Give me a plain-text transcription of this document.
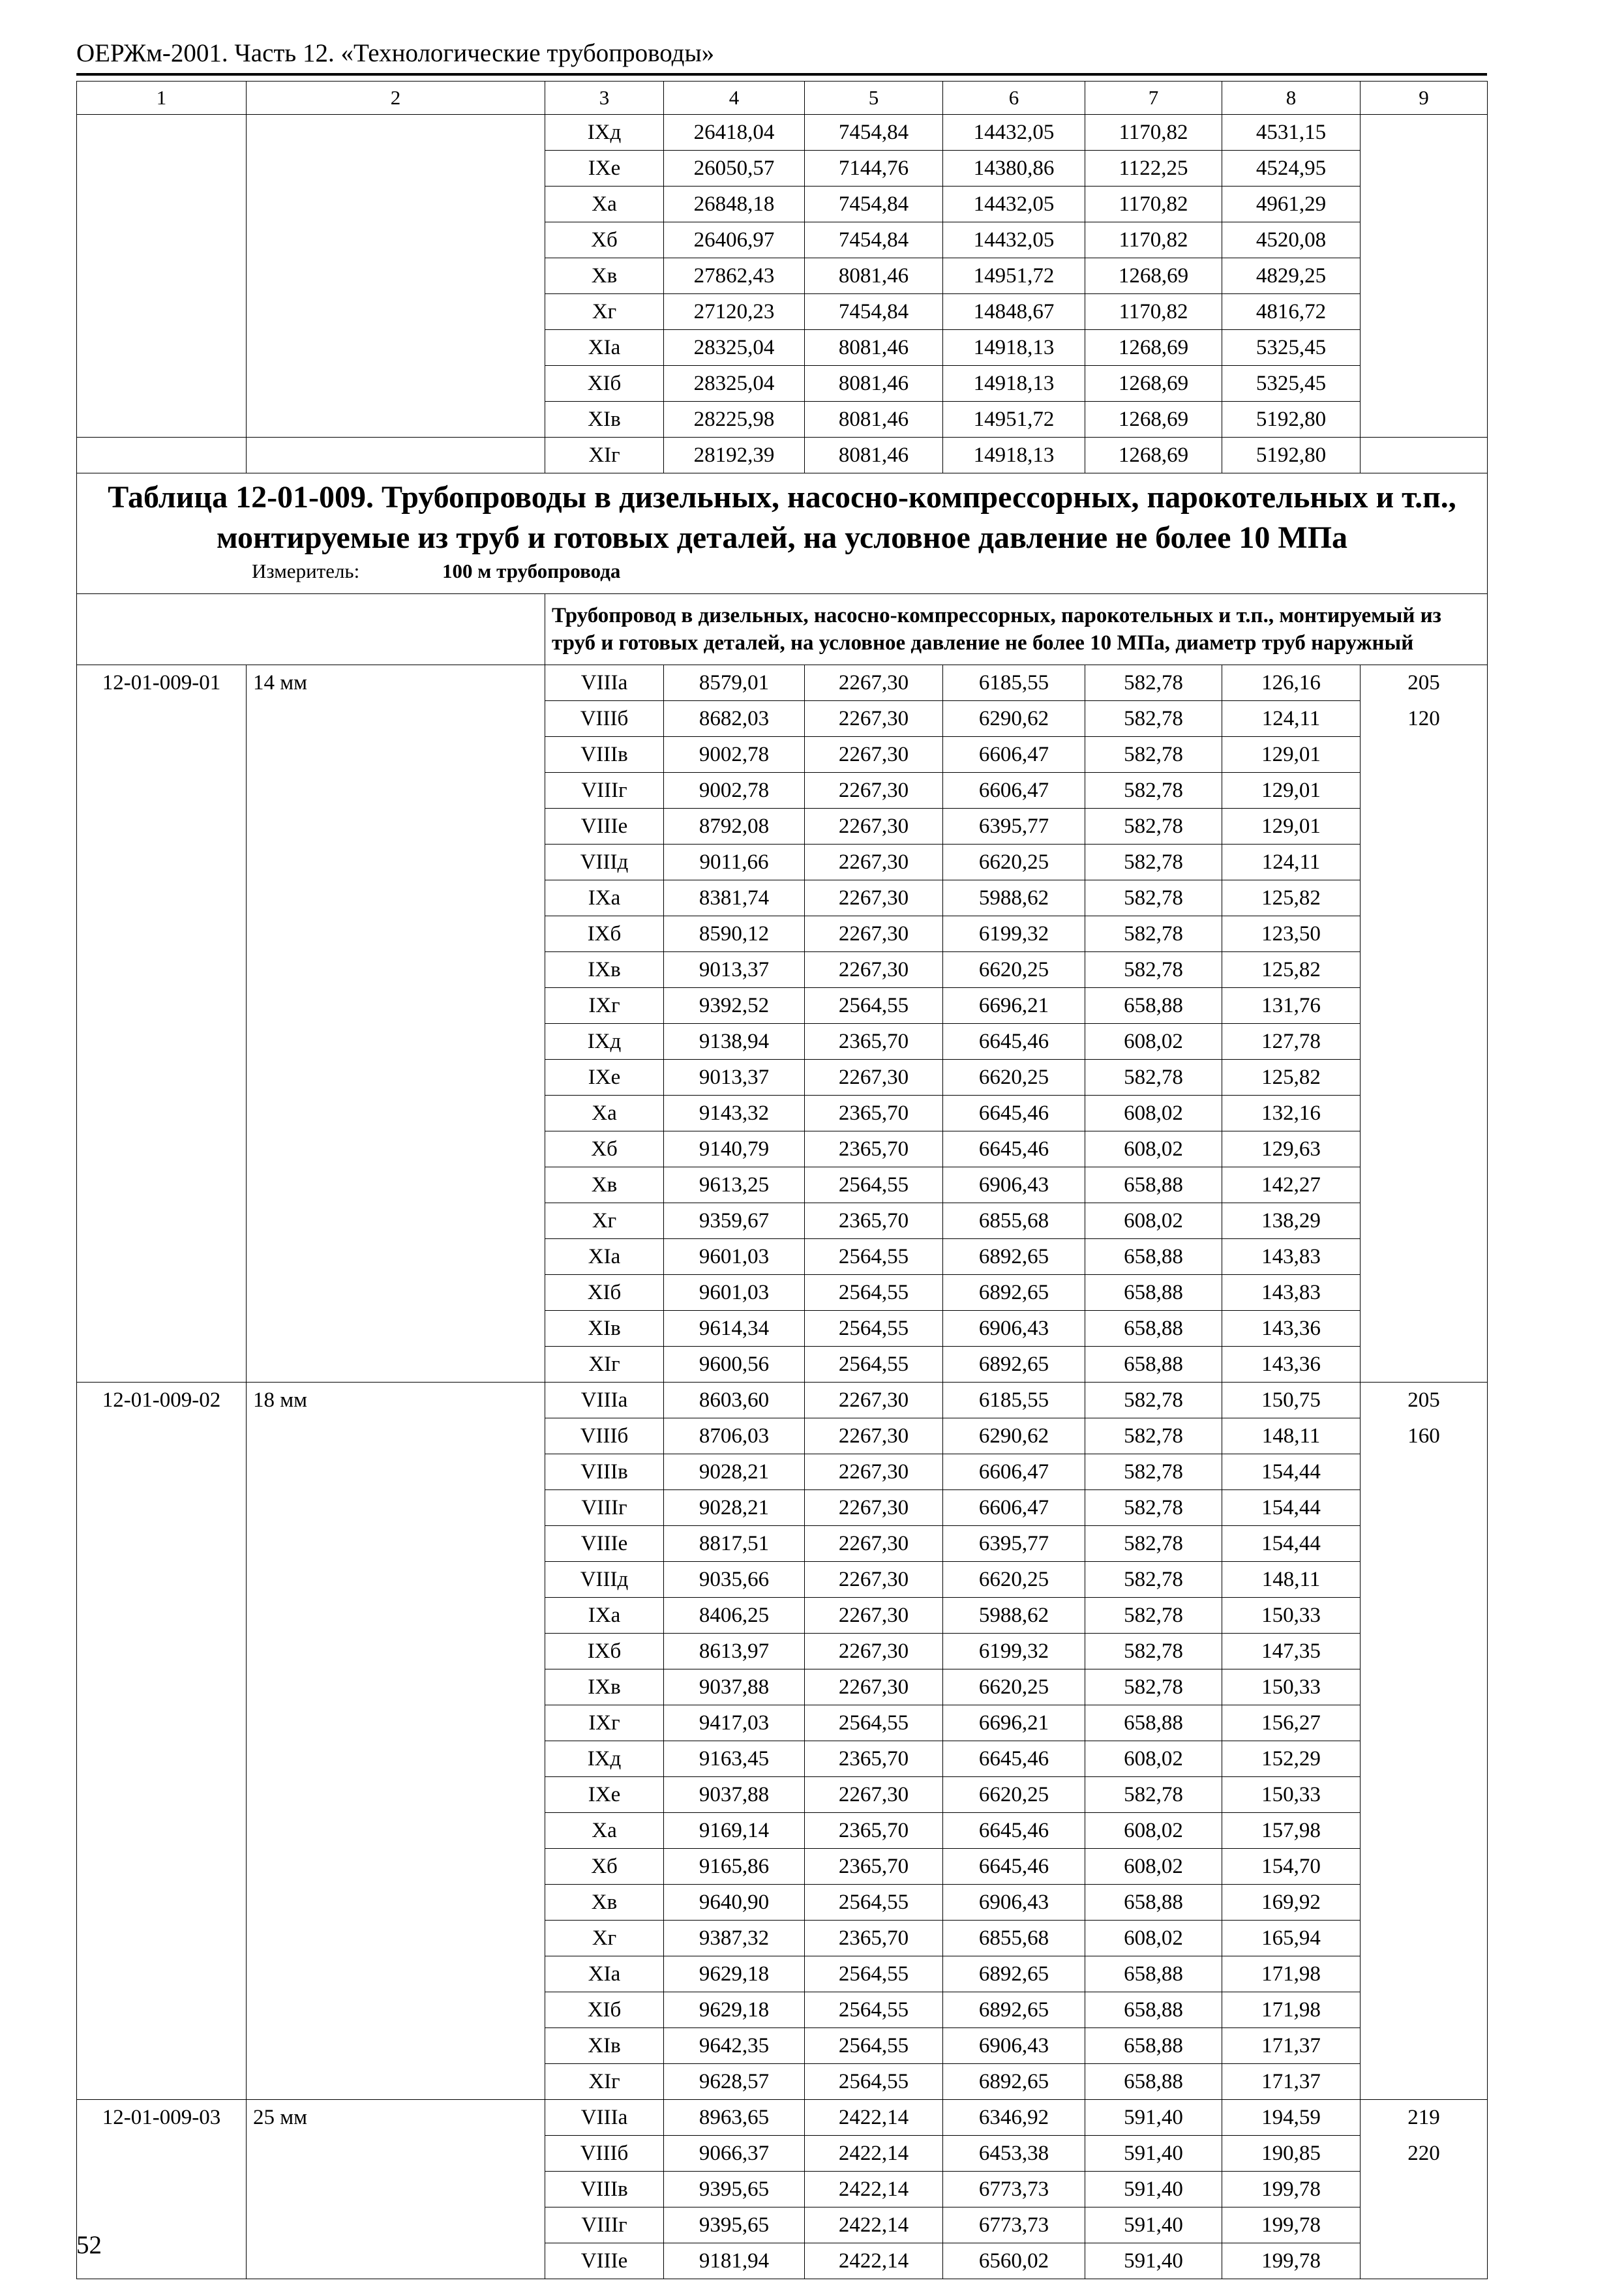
ОЕРЖм-2001. Часть 12. «Технологические трубопроводы»
1	2	3	4	5	6	7	8	9
		IXд	26418,04	7454,84	14432,05	1170,82	4531,15	
		IXе	26050,57	7144,76	14380,86	1122,25	4524,95	
		Xа	26848,18	7454,84	14432,05	1170,82	4961,29	
		Xб	26406,97	7454,84	14432,05	1170,82	4520,08	
		Xв	27862,43	8081,46	14951,72	1268,69	4829,25	
		Xг	27120,23	7454,84	14848,67	1170,82	4816,72	
		XIа	28325,04	8081,46	14918,13	1268,69	5325,45	
		XIб	28325,04	8081,46	14918,13	1268,69	5325,45	
		XIв	28225,98	8081,46	14951,72	1268,69	5192,80	
		XIг	28192,39	8081,46	14918,13	1268,69	5192,80	

Таблица 12-01-009. Трубопроводы в дизельных, насосно-компрессорных, парокотельных и т.п., монтируемые из труб и готовых деталей, на условное давление не более 10 МПа
Измеритель: 100 м трубопровода								

		Трубопровод в дизельных, насосно-компрессорных, парокотельных и т.п., монтируемый из труб и готовых деталей, на условное давление не более 10 МПа, диаметр труб наружный						
12-01-009-01	14 мм	VIIIа	8579,01	2267,30	6185,55	582,78	126,16	205
		VIIIб	8682,03	2267,30	6290,62	582,78	124,11	120
		VIIIв	9002,78	2267,30	6606,47	582,78	129,01	
		VIIIг	9002,78	2267,30	6606,47	582,78	129,01	
		VIIIе	8792,08	2267,30	6395,77	582,78	129,01	
		VIIIд	9011,66	2267,30	6620,25	582,78	124,11	
		IXа	8381,74	2267,30	5988,62	582,78	125,82	
		IXб	8590,12	2267,30	6199,32	582,78	123,50	
		IXв	9013,37	2267,30	6620,25	582,78	125,82	
		IXг	9392,52	2564,55	6696,21	658,88	131,76	
		IXд	9138,94	2365,70	6645,46	608,02	127,78	
		IXе	9013,37	2267,30	6620,25	582,78	125,82	
		Xа	9143,32	2365,70	6645,46	608,02	132,16	
		Xб	9140,79	2365,70	6645,46	608,02	129,63	
		Xв	9613,25	2564,55	6906,43	658,88	142,27	
		Xг	9359,67	2365,70	6855,68	608,02	138,29	
		XIа	9601,03	2564,55	6892,65	658,88	143,83	
		XIб	9601,03	2564,55	6892,65	658,88	143,83	
		XIв	9614,34	2564,55	6906,43	658,88	143,36	
		XIг	9600,56	2564,55	6892,65	658,88	143,36	
12-01-009-02	18 мм	VIIIа	8603,60	2267,30	6185,55	582,78	150,75	205
		VIIIб	8706,03	2267,30	6290,62	582,78	148,11	160
		VIIIв	9028,21	2267,30	6606,47	582,78	154,44	
		VIIIг	9028,21	2267,30	6606,47	582,78	154,44	
		VIIIе	8817,51	2267,30	6395,77	582,78	154,44	
		VIIIд	9035,66	2267,30	6620,25	582,78	148,11	
		IXа	8406,25	2267,30	5988,62	582,78	150,33	
		IXб	8613,97	2267,30	6199,32	582,78	147,35	
		IXв	9037,88	2267,30	6620,25	582,78	150,33	
		IXг	9417,03	2564,55	6696,21	658,88	156,27	
		IXд	9163,45	2365,70	6645,46	608,02	152,29	
		IXе	9037,88	2267,30	6620,25	582,78	150,33	
		Xа	9169,14	2365,70	6645,46	608,02	157,98	
		Xб	9165,86	2365,70	6645,46	608,02	154,70	
		Xв	9640,90	2564,55	6906,43	658,88	169,92	
		Xг	9387,32	2365,70	6855,68	608,02	165,94	
		XIа	9629,18	2564,55	6892,65	658,88	171,98	
		XIб	9629,18	2564,55	6892,65	658,88	171,98	
		XIв	9642,35	2564,55	6906,43	658,88	171,37	
		XIг	9628,57	2564,55	6892,65	658,88	171,37	
12-01-009-03	25 мм	VIIIа	8963,65	2422,14	6346,92	591,40	194,59	219
		VIIIб	9066,37	2422,14	6453,38	591,40	190,85	220
		VIIIв	9395,65	2422,14	6773,73	591,40	199,78	
		VIIIг	9395,65	2422,14	6773,73	591,40	199,78	
		VIIIе	9181,94	2422,14	6560,02	591,40	199,78	
52
